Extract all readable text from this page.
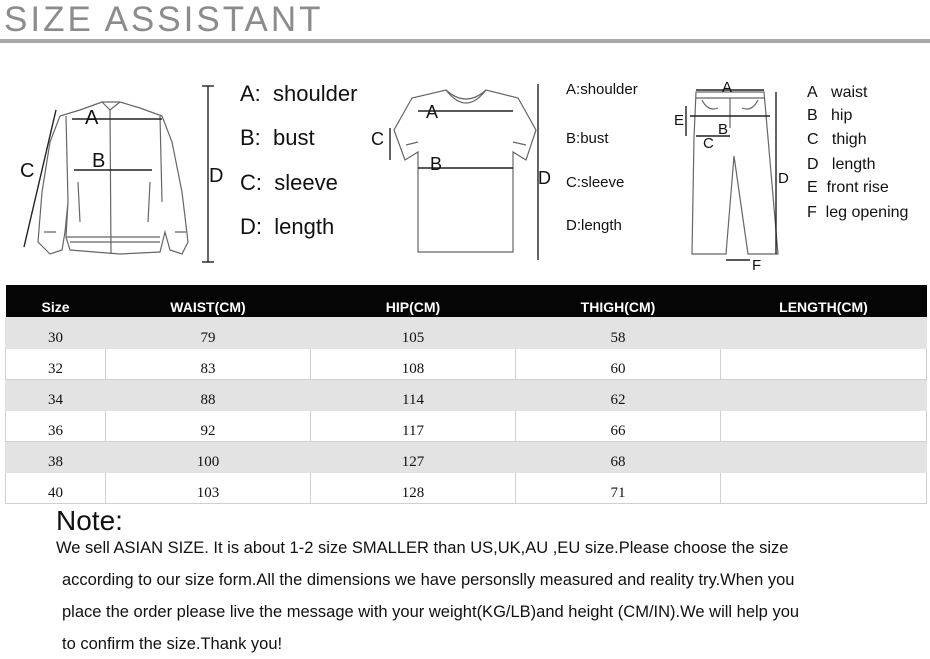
SIZE ASSISTANT
A
B
C	D
A: shoulder
B: bust
C: sleeve
D: length
A
B
C
D
A:shoulder
B:bust
C:sleeve
D:length
A
B
C
D
E
F
A waist
B hip
C thigh
D length
E front rise
F leg opening
Size	WAIST(CM)	HIP(CM)	THIGH(CM)	LENGTH(CM)
30	79	105	58	
32	83	108	60	
34	88	114	62	
36	92	117	66	
38	100	127	68	
40	103	128	71	
Note:
We sell ASIAN SIZE. It is about 1-2 size SMALLER than US,UK,AU ,EU size.Please choose the size
according to our size form.All the dimensions we have personslly measured and reality try.When you
place the order please live the message with your weight(KG/LB)and height (CM/IN).We will help you
to confirm the size.Thank you!
